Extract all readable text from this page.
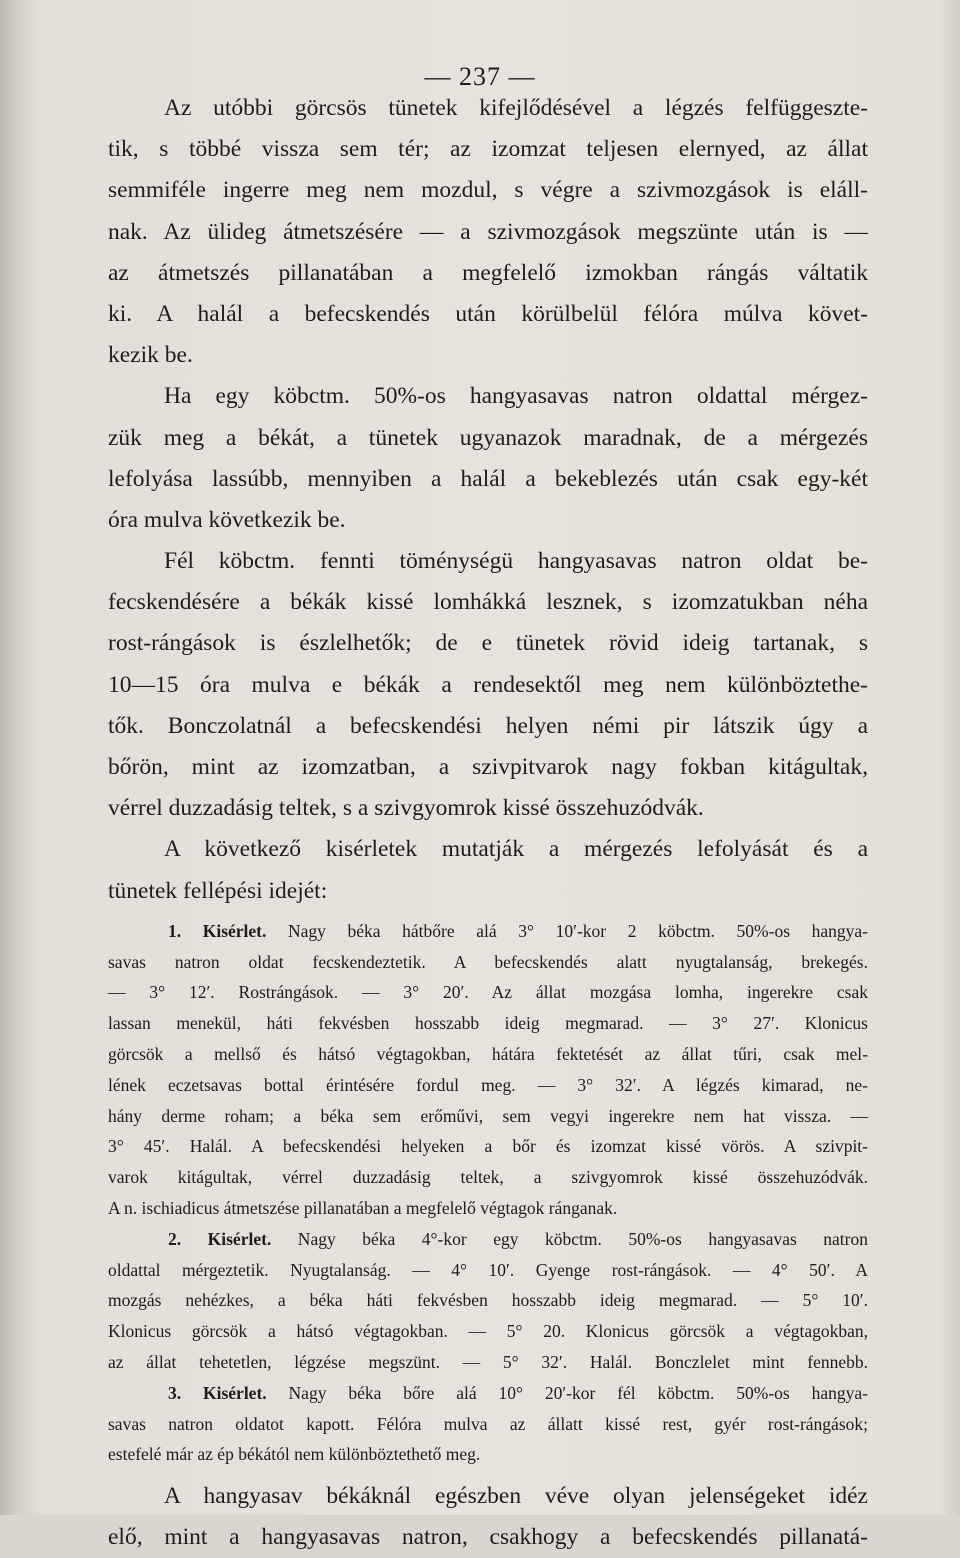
— 237 —
Az utóbbi görcsös tünetek kifejlődésével a légzés felfüggeszte-
tik, s többé vissza sem tér; az izomzat teljesen elernyed, az állat
semmiféle ingerre meg nem mozdul, s végre a szivmozgások is eláll-
nak. Az ülideg átmetszésére — a szivmozgások megszünte után is —
az átmetszés pillanatában a megfelelő izmokban rángás váltatik
ki. A halál a befecskendés után körülbelül félóra múlva követ-
kezik be.
Ha egy köbctm. 50%-os hangyasavas natron oldattal mérgez-
zük meg a békát, a tünetek ugyanazok maradnak, de a mérgezés
lefolyása lassúbb, mennyiben a halál a bekeblezés után csak egy-két
óra mulva következik be.
Fél köbctm. fennti töménységü hangyasavas natron oldat be-
fecskendésére a békák kissé lomhákká lesznek, s izomzatukban néha
rost-rángások is észlelhetők; de e tünetek rövid ideig tartanak, s
10—15 óra mulva e békák a rendesektől meg nem különböztethe-
tők. Bonczolatnál a befecskendési helyen némi pir látszik úgy a
bőrön, mint az izomzatban, a szivpitvarok nagy fokban kitágultak,
vérrel duzzadásig teltek, s a szivgyomrok kissé összehuzódvák.
A következő kisérletek mutatják a mérgezés lefolyását és a
tünetek fellépési idejét:
1. Kisérlet. Nagy béka hátbőre alá 3° 10′-kor 2 köbctm. 50%-os hangya-
savas natron oldat fecskendeztetik. A befecskendés alatt nyugtalanság, brekegés.
— 3° 12′. Rostrángások. — 3° 20′. Az állat mozgása lomha, ingerekre csak
lassan menekül, háti fekvésben hosszabb ideig megmarad. — 3° 27′. Klonicus
görcsök a mellső és hátsó végtagokban, hátára fektetését az állat tűri, csak mel-
lének eczetsavas bottal érintésére fordul meg. — 3° 32′. A légzés kimarad, ne-
hány derme roham; a béka sem erőművi, sem vegyi ingerekre nem hat vissza. —
3° 45′. Halál. A befecskendési helyeken a bőr és izomzat kissé vörös. A szivpit-
varok kitágultak, vérrel duzzadásig teltek, a szivgyomrok kissé összehuzódvák.
A n. ischiadicus átmetszése pillanatában a megfelelő végtagok ránganak.
2. Kisérlet. Nagy béka 4°-kor egy köbctm. 50%-os hangyasavas natron
oldattal mérgeztetik. Nyugtalanság. — 4° 10′. Gyenge rost-rángások. — 4° 50′. A
mozgás nehézkes, a béka háti fekvésben hosszabb ideig megmarad. — 5° 10′.
Klonicus görcsök a hátsó végtagokban. — 5° 20. Klonicus görcsök a végtagokban,
az állat tehetetlen, légzése megszünt. — 5° 32′. Halál. Bonczlelet mint fennebb.
3. Kisérlet. Nagy béka bőre alá 10° 20′-kor fél köbctm. 50%-os hangya-
savas natron oldatot kapott. Félóra mulva az állatt kissé rest, gyér rost-rángások;
estefelé már az ép békától nem különböztethető meg.
A hangyasav békáknál egészben véve olyan jelenségeket idéz
elő, mint a hangyasavas natron, csakhogy a befecskendés pillanatá-
